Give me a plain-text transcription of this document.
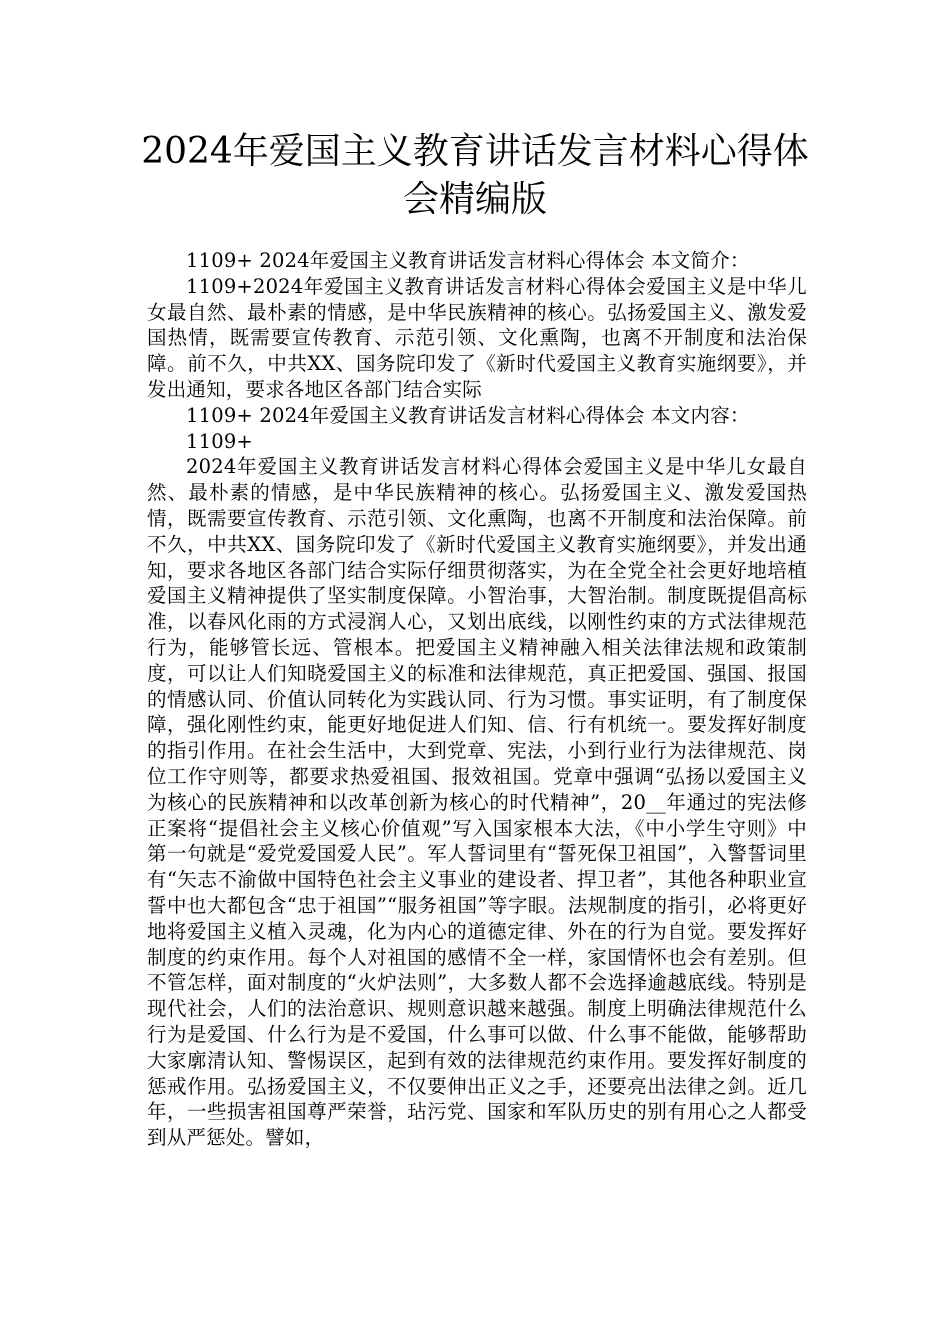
2024年爱国主义教育讲话发言材料心得体会精编版

1109+ 2024年爱国主义教育讲话发言材料心得体会 本文简介：

1109+2024年爱国主义教育讲话发言材料心得体会爱国主义是中华儿女最自然、最朴素的情感，是中华民族精神的核心。弘扬爱国主义、激发爱国热情，既需要宣传教育、示范引领、文化熏陶，也离不开制度和法治保障。前不久，中共XX、国务院印发了《新时代爱国主义教育实施纲要》，并发出通知，要求各地区各部门结合实际

1109+ 2024年爱国主义教育讲话发言材料心得体会 本文内容：

1109+

2024年爱国主义教育讲话发言材料心得体会爱国主义是中华儿女最自然、最朴素的情感，是中华民族精神的核心。弘扬爱国主义、激发爱国热情，既需要宣传教育、示范引领、文化熏陶，也离不开制度和法治保障。前不久，中共XX、国务院印发了《新时代爱国主义教育实施纲要》，并发出通知，要求各地区各部门结合实际仔细贯彻落实，为在全党全社会更好地培植爱国主义精神提供了坚实制度保障。小智治事，大智治制。制度既提倡高标准，以春风化雨的方式浸润人心，又划出底线，以刚性约束的方式法律规范行为，能够管长远、管根本。把爱国主义精神融入相关法律法规和政策制度，可以让人们知晓爱国主义的标准和法律规范，真正把爱国、强国、报国的情感认同、价值认同转化为实践认同、行为习惯。事实证明，有了制度保障，强化刚性约束，能更好地促进人们知、信、行有机统一。要发挥好制度的指引作用。在社会生活中，大到党章、宪法，小到行业行为法律规范、岗位工作守则等，都要求热爱祖国、报效祖国。党章中强调“弘扬以爱国主义为核心的民族精神和以改革创新为核心的时代精神”，20__年通过的宪法修正案将“提倡社会主义核心价值观”写入国家根本大法，《中小学生守则》中第一句就是“爱党爱国爱人民”。军人誓词里有“誓死保卫祖国”，入警誓词里有“矢志不渝做中国特色社会主义事业的建设者、捍卫者”，其他各种职业宣誓中也大都包含“忠于祖国”“服务祖国”等字眼。法规制度的指引，必将更好地将爱国主义植入灵魂，化为内心的道德定律、外在的行为自觉。要发挥好制度的约束作用。每个人对祖国的感情不全一样，家国情怀也会有差别。但不管怎样，面对制度的“火炉法则”，大多数人都不会选择逾越底线。特别是现代社会，人们的法治意识、规则意识越来越强。制度上明确法律规范什么行为是爱国、什么行为是不爱国，什么事可以做、什么事不能做，能够帮助大家廓清认知、警惕误区，起到有效的法律规范约束作用。要发挥好制度的惩戒作用。弘扬爱国主义，不仅要伸出正义之手，还要亮出法律之剑。近几年，一些损害祖国尊严荣誉，玷污党、国家和军队历史的别有用心之人都受到从严惩处。譬如，
